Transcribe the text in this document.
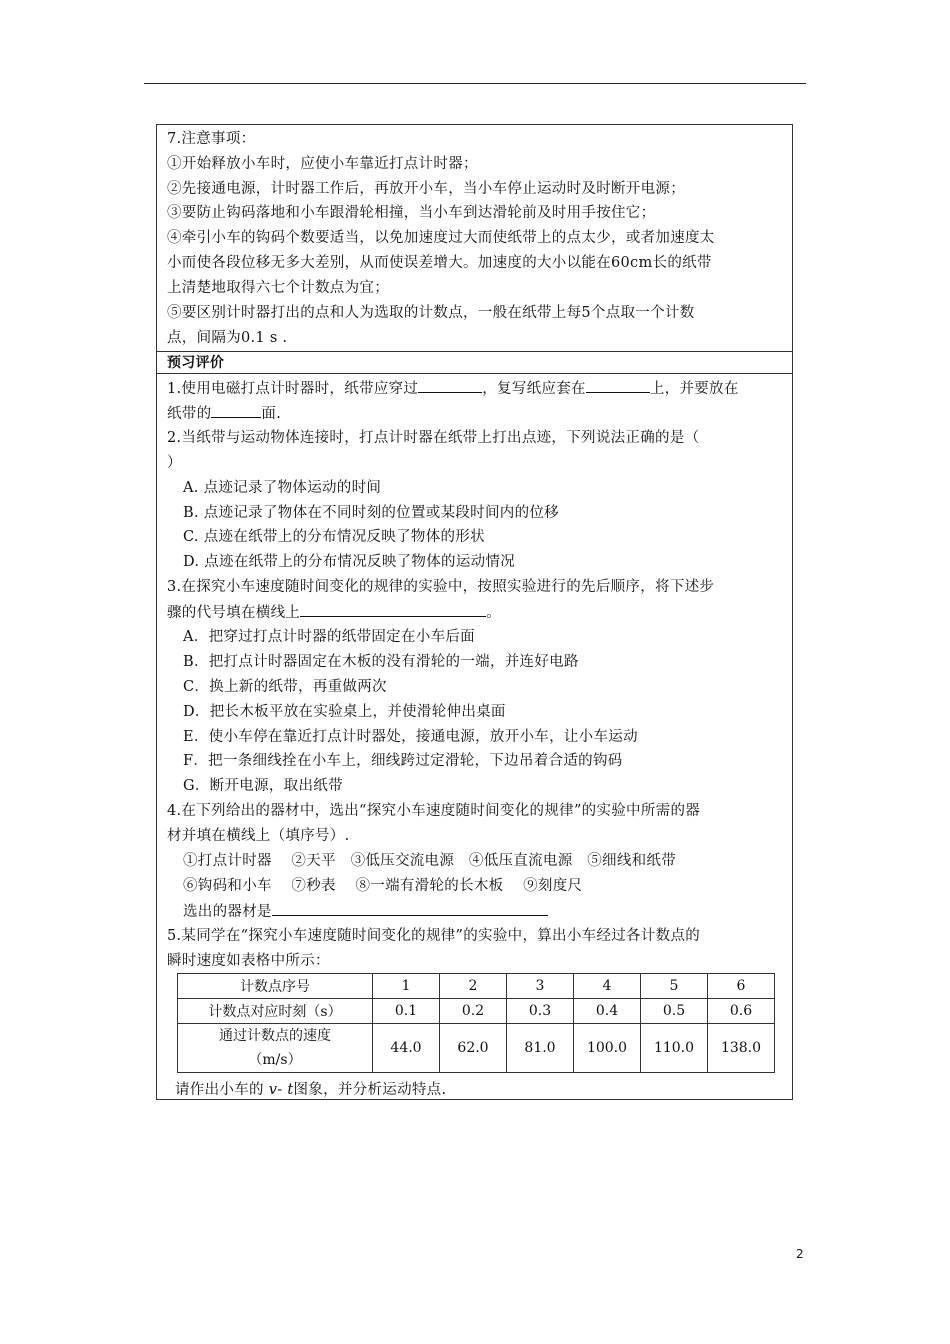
7.注意事项：
①开始释放小车时，应使小车靠近打点计时器；
②先接通电源，计时器工作后，再放开小车，当小车停止运动时及时断开电源；
③要防止钩码落地和小车跟滑轮相撞，当小车到达滑轮前及时用手按住它；
④牵引小车的钩码个数要适当，以免加速度过大而使纸带上的点太少，或者加速度太
小而使各段位移无多大差别，从而使误差增大。加速度的大小以能在60cm长的纸带
上清楚地取得六七个计数点为宜；
⑤要区别计时器打出的点和人为选取的计数点，一般在纸带上每5个点取一个计数
点，间隔为0.1 s .
预习评价
1.使用电磁打点计时器时，纸带应穿过	，复写纸应套在	上，并要放在
纸带的	面.
2.当纸带与运动物体连接时，打点计时器在纸带上打出点迹，下列说法正确的是（
）
A. 点迹记录了物体运动的时间
B. 点迹记录了物体在不同时刻的位置或某段时间内的位移
C. 点迹在纸带上的分布情况反映了物体的形状
D. 点迹在纸带上的分布情况反映了物体的运动情况
3.在探究小车速度随时间变化的规律的实验中，按照实验进行的先后顺序，将下述步
骤的代号填在横线上	。
A．把穿过打点计时器的纸带固定在小车后面
B．把打点计时器固定在木板的没有滑轮的一端，并连好电路
C．换上新的纸带，再重做两次
D．把长木板平放在实验桌上，并使滑轮伸出桌面
E．使小车停在靠近打点计时器处，接通电源，放开小车，让小车运动
F．把一条细线拴在小车上，细线跨过定滑轮，下边吊着合适的钩码
G．断开电源，取出纸带
4.在下列给出的器材中，选出“探究小车速度随时间变化的规律”的实验中所需的器
材并填在横线上（填序号）.
①打点计时器    ②天平   ③低压交流电源   ④低压直流电源   ⑤细线和纸带
⑥钩码和小车    ⑦秒表    ⑧一端有滑轮的长木板    ⑨刻度尺
选出的器材是
5.某同学在“探究小车速度随时间变化的规律”的实验中，算出小车经过各计数点的
瞬时速度如表格中所示：
计数点序号	1	2	3	4	5	6
计数点对应时刻（s）	0.1	0.2	0.3	0.4	0.5	0.6

通过计数点的速度
（m/s）	44.0	62.0	81.0	100.0	110.0	138.0
请作出小车的 v- t图象，并分析运动特点.
2
